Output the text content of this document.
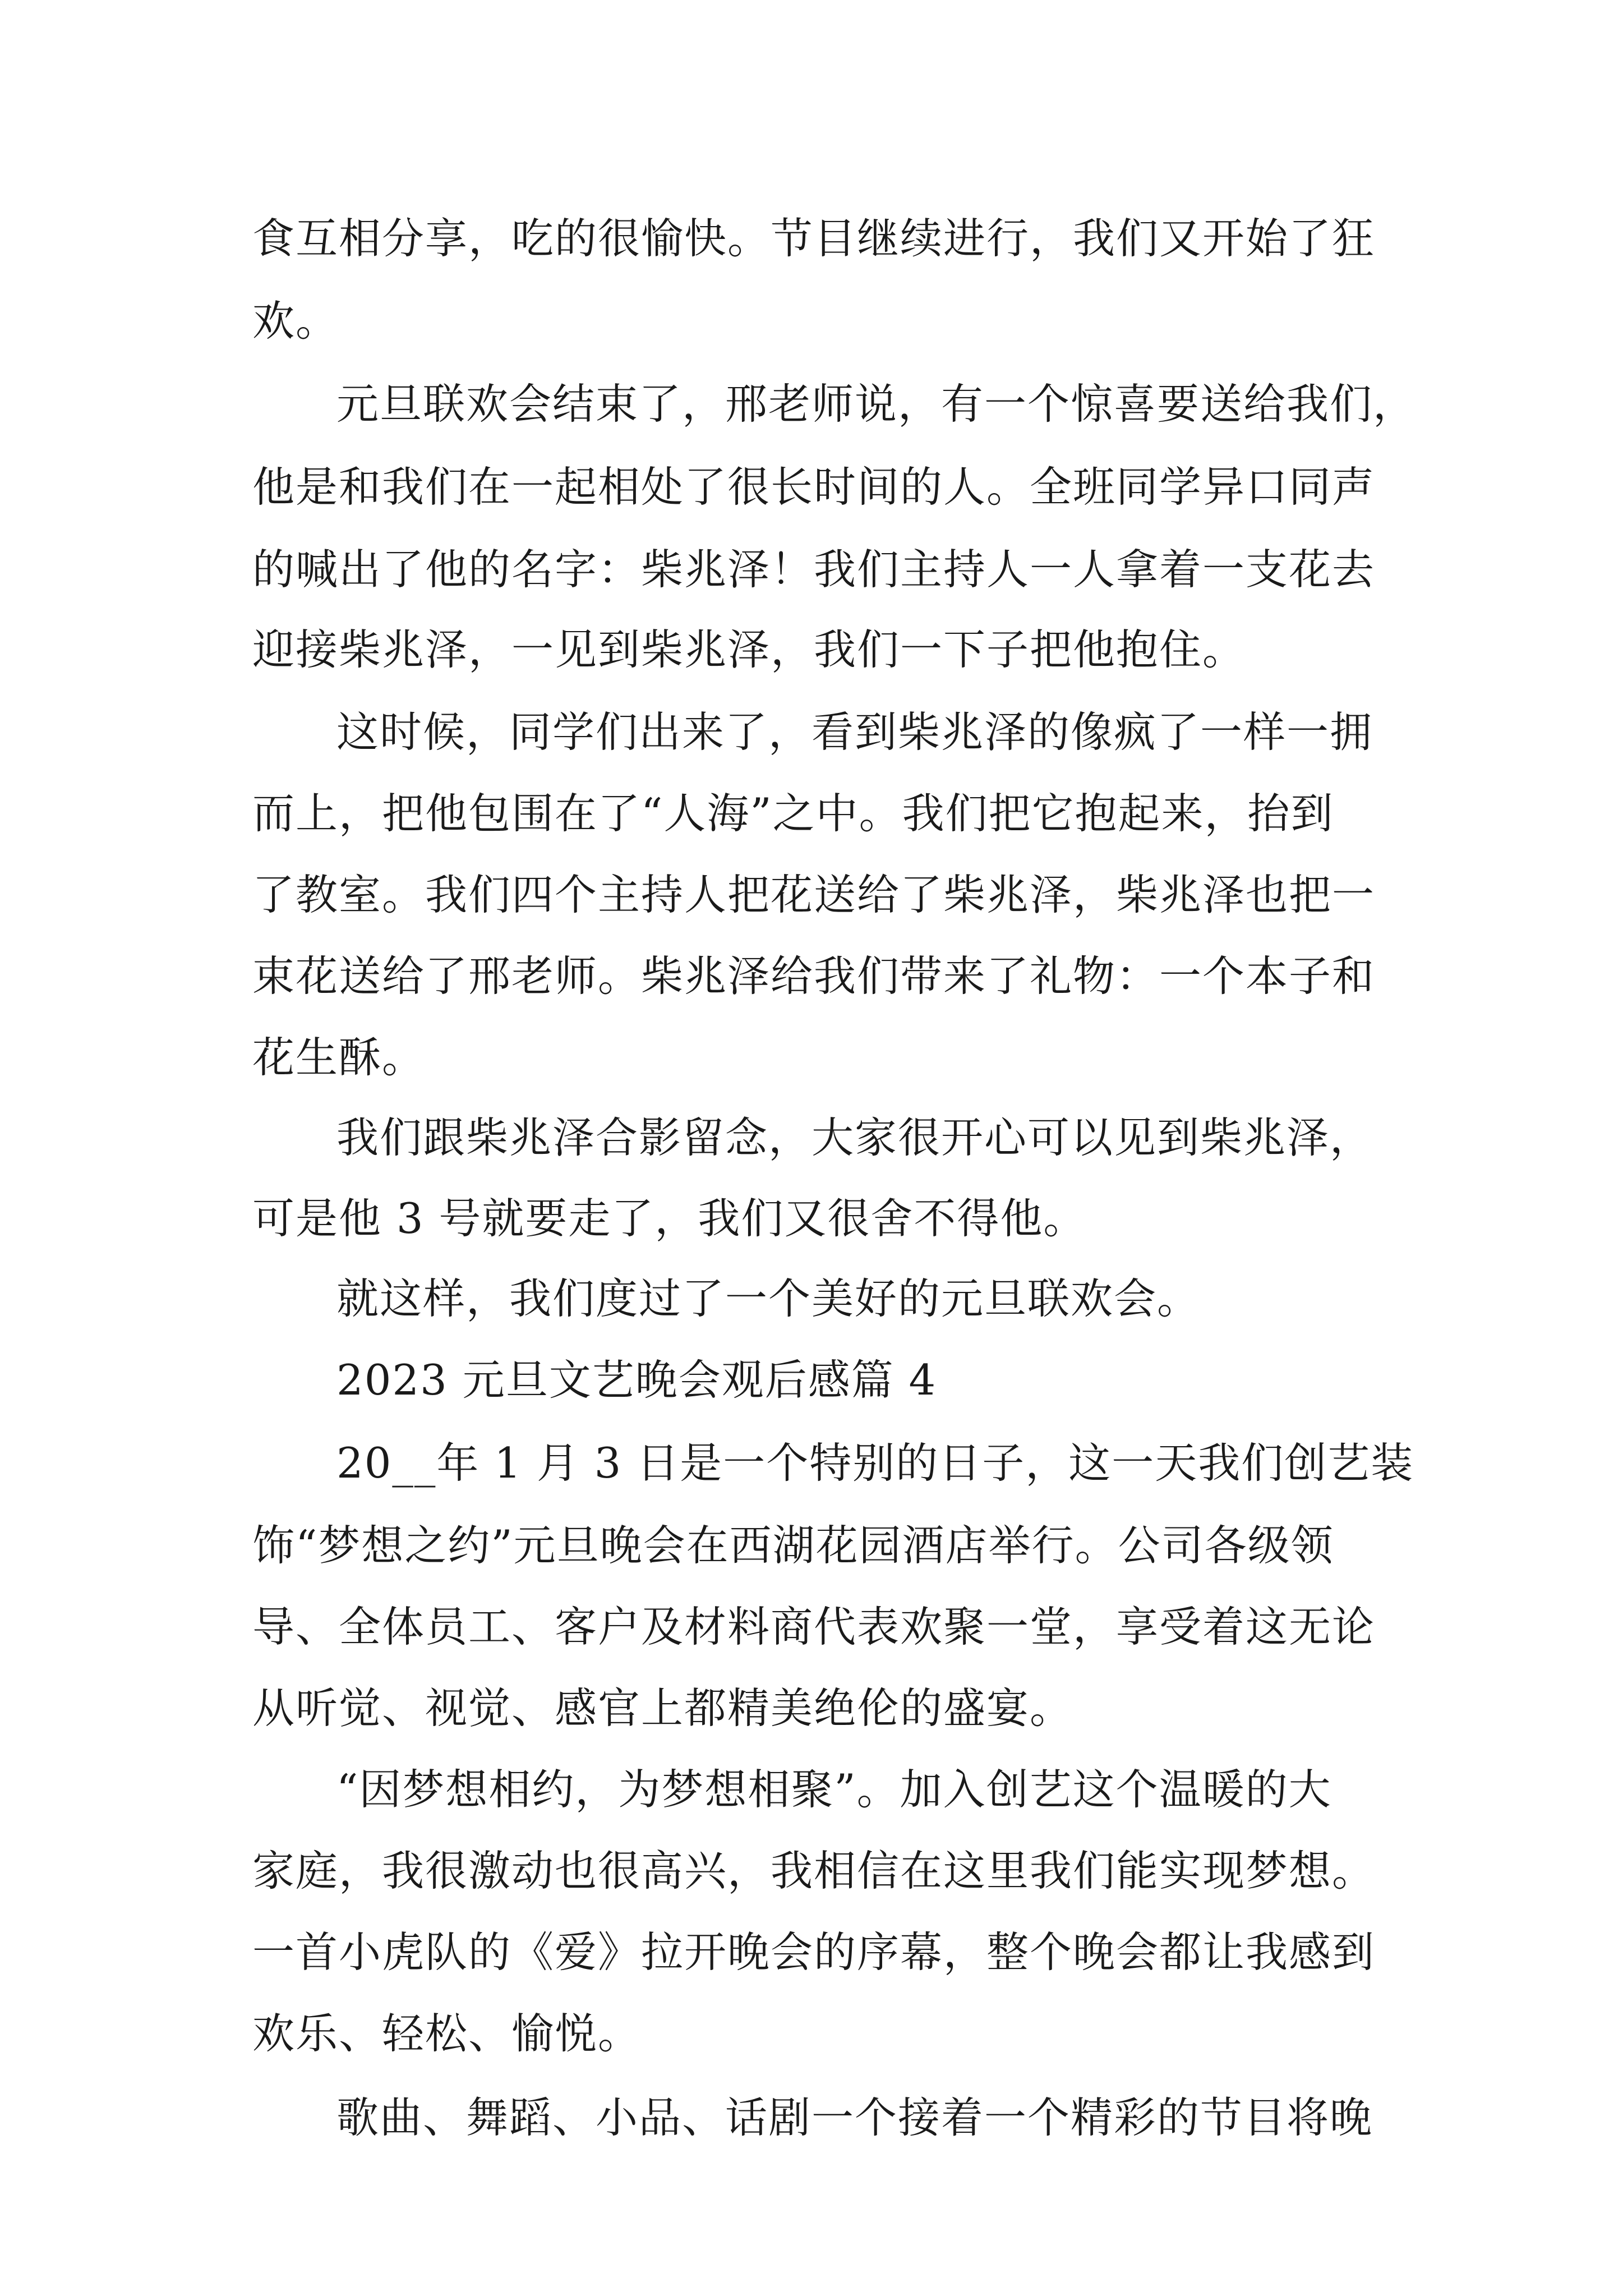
食互相分享，吃的很愉快。节目继续进行，我们又开始了狂

欢。

元旦联欢会结束了，邢老师说，有一个惊喜要送给我们，

他是和我们在一起相处了很长时间的人。全班同学异口同声

的喊出了他的名字：柴兆泽！我们主持人一人拿着一支花去

迎接柴兆泽，一见到柴兆泽，我们一下子把他抱住。

这时候，同学们出来了，看到柴兆泽的像疯了一样一拥

而上，把他包围在了“人海”之中。我们把它抱起来，抬到

了教室。我们四个主持人把花送给了柴兆泽，柴兆泽也把一

束花送给了邢老师。柴兆泽给我们带来了礼物：一个本子和

花生酥。

我们跟柴兆泽合影留念，大家很开心可以见到柴兆泽，

可是他 3 号就要走了，我们又很舍不得他。

就这样，我们度过了一个美好的元旦联欢会。

2023 元旦文艺晚会观后感篇 4

20__年 1 月 3 日是一个特别的日子，这一天我们创艺装

饰“梦想之约”元旦晚会在西湖花园酒店举行。公司各级领

导、全体员工、客户及材料商代表欢聚一堂，享受着这无论

从听觉、视觉、感官上都精美绝伦的盛宴。

“因梦想相约，为梦想相聚”。加入创艺这个温暖的大

家庭，我很激动也很高兴，我相信在这里我们能实现梦想。

一首小虎队的《爱》拉开晚会的序幕，整个晚会都让我感到

欢乐、轻松、愉悦。

歌曲、舞蹈、小品、话剧一个接着一个精彩的节目将晚
